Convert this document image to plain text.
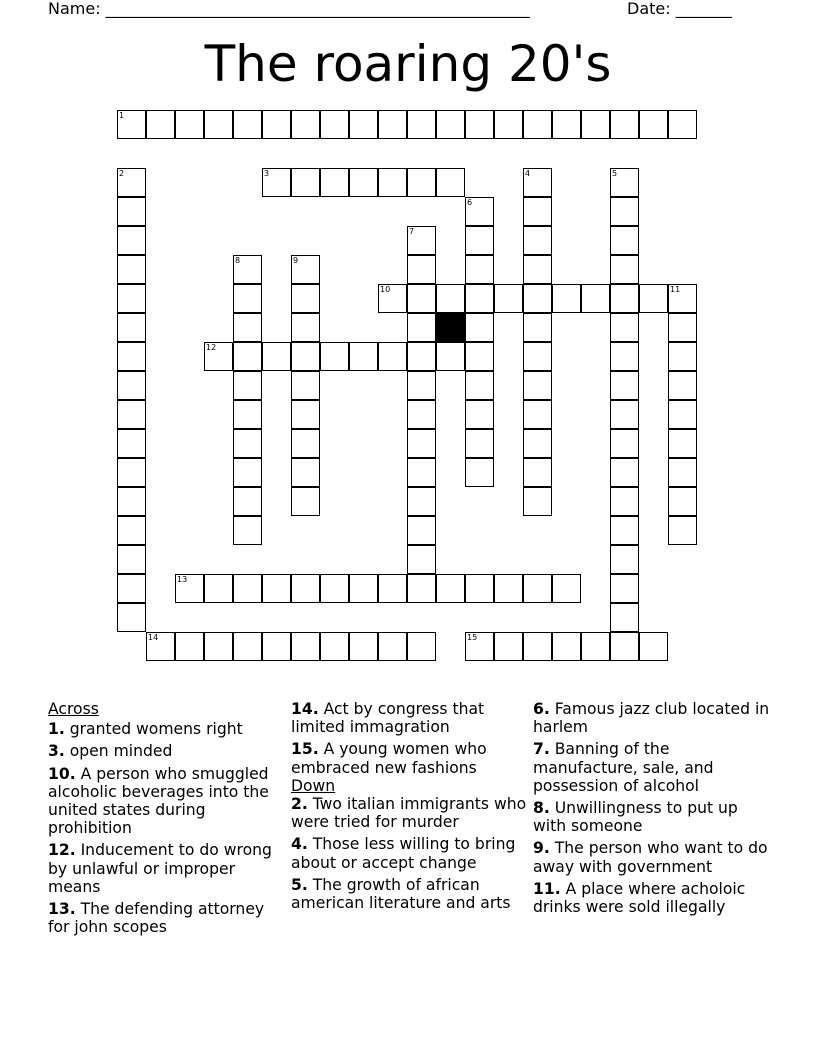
Name: _____________________________________________________	Date: _______
The roaring 20's
1
2	3	4	5
6
7
8	9
10	11
12
13
14	15
Across
1. granted womens right
3. open minded
10. A person who smuggled alcoholic beverages into the united states during prohibition
12. Inducement to do wrong by unlawful or improper means
13. The defending attorney for john scopes
14. Act by congress that limited immagration
15. A young women who embraced new fashions
Down
2. Two italian immigrants who were tried for murder
4. Those less willing to bring about or accept change
5. The growth of african american literature and arts
6. Famous jazz club located in harlem
7. Banning of the manufacture, sale, and possession of alcohol
8. Unwillingness to put up with someone
9. The person who want to do away with government
11. A place where acholoic drinks were sold illegally
